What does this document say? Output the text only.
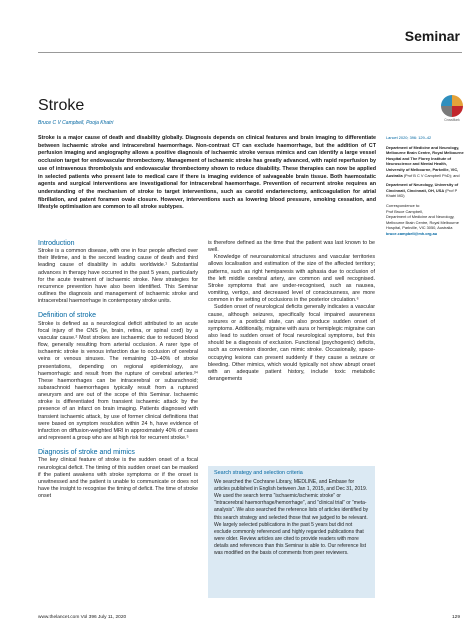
Seminar
Stroke
Bruce C V Campbell, Pooja Khatri	CrossMark
Stroke is a major cause of death and disability globally. Diagnosis depends on clinical features and brain imaging to differentiate between ischaemic stroke and intracerebral haemorrhage. Non-contrast CT can exclude haemorrhage, but the addition of CT perfusion imaging and angiography allows a positive diagnosis of ischaemic stroke versus mimics and can identify a large vessel occlusion target for endovascular thrombectomy. Management of ischaemic stroke has greatly advanced, with rapid reperfusion by use of intravenous thrombolysis and endovascular thrombectomy shown to reduce disability. These therapies can now be applied in selected patients who present late to medical care if there is imaging evidence of salvageable brain tissue. Both haemostatic agents and surgical interventions are investigational for intracerebral haemorrhage. Prevention of recurrent stroke requires an understanding of the mechanism of stroke to target interventions, such as carotid endarterectomy, anticoagulation for atrial fibrillation, and patent foramen ovale closure. However, interventions such as lowering blood pressure, smoking cessation, and lifestyle optimisation are common to all stroke subtypes.
Lancet 2020; 396: 129–42
Department of Medicine and Neurology, Melbourne Brain Centre, Royal Melbourne Hospital and The Florey Institute of Neuroscience and Mental Health, University of Melbourne, Parkville, VIC, Australia (Prof B C V Campbell PhD); and
Department of Neurology, University of Cincinnati, Cincinnati, OH, USA (Prof P Khatri MD)
Correspondence to:
Prof Bruce Campbell,
Department of Medicine and Neurology, Melbourne Brain Centre, Royal Melbourne Hospital, Parkville, VIC 3050, Australia
bruce.campbell@mh.org.au
Introduction

Stroke is a common disease, with one in four people affected over their lifetime, and is the second leading cause of death and third leading cause of disability in adults worldwide.¹ Substantial advances in therapy have occurred in the past 5 years, particularly for the acute treatment of ischaemic stroke. New strategies for recurrence prevention have also been identified. This Seminar outlines the diagnosis and management of ischaemic stroke and intracerebral haemorrhage in contemporary stroke units.

Definition of stroke

Stroke is defined as a neurological deficit attributed to an acute focal injury of the CNS (ie, brain, retina, or spinal cord) by a vascular cause.² Most strokes are ischaemic due to reduced blood flow, generally resulting from arterial occlusion. A rarer type of ischaemic stroke is venous infarction due to occlusion of cerebral veins or venous sinuses. The remaining 10–40% of stroke presentations, depending on regional epidemiology, are haemorrhagic and result from the rupture of cerebral arteries.³⁴ These haemorrhages can be intracerebral or subarachnoid; subarachnoid haemorrhages typically result from a ruptured aneurysm and are out of the scope of this Seminar. Ischaemic stroke is differentiated from transient ischaemic attack by the presence of an infarct on brain imaging. Patients diagnosed with transient ischaemic attack, by use of former clinical definitions that were based on symptom resolution within 24 h, have evidence of infarction on diffusion-weighted MRI in approximately 40% of cases and represent a group who are at high risk for recurrent stroke.⁵

Diagnosis of stroke and mimics

The key clinical feature of stroke is the sudden onset of a focal neurological deficit. The timing of this sudden onset can be masked if the patient awakens with stroke symptoms or if the onset is unwitnessed and the patient is unable to communicate or does not have the insight to recognise the timing of deficit. The time of stroke onset

is therefore defined as the time that the patient was last known to be well.

Knowledge of neuroanatomical structures and vascular territories allows localisation and estimation of the size of the affected territory; patterns, such as right hemiparesis with aphasia due to occlusion of the left middle cerebral artery, are common and well recognised. Stroke symptoms that are under-recognised, such as nausea, vomiting, vertigo, and decreased level of consciousness, are more common in the setting of occlusions in the posterior circulation.⁶

Sudden onset of neurological deficits generally indicates a vascular cause, although seizures, specifically focal impaired awareness seizures or a postictal state, can also produce sudden onset of symptoms. Additionally, migraine with aura or hemiplegic migraine can also lead to sudden onset of focal neurological symptoms, but this should be a diagnosis of exclusion. Functional (psychogenic) deficits, such as conversion disorder, can mimic stroke. Occasionally, space-occupying lesions can present suddenly if they cause a seizure or bleeding. Other mimics, which would typically not show abrupt onset with an adequate patient history, include toxic metabolic derangements

Search strategy and selection criteria

We searched the Cochrane Library, MEDLINE, and Embase for articles published in English between Jan 1, 2015, and Dec 31, 2019. We used the search terms “ischaemic/ischemic stroke” or “intracerebral haemorrhage/hemorrhage”, and “clinical trial” or “meta-analysis”. We also searched the reference lists of articles identified by this search strategy and selected those that we judged to be relevant. We largely selected publications in the past 5 years but did not exclude commonly referenced and highly regarded publications that were older. Review articles are cited to provide readers with more details and references than this Seminar is able to. Our reference list was modified on the basis of comments from peer reviewers.

www.thelancet.com Vol 396 July 11, 2020	129
